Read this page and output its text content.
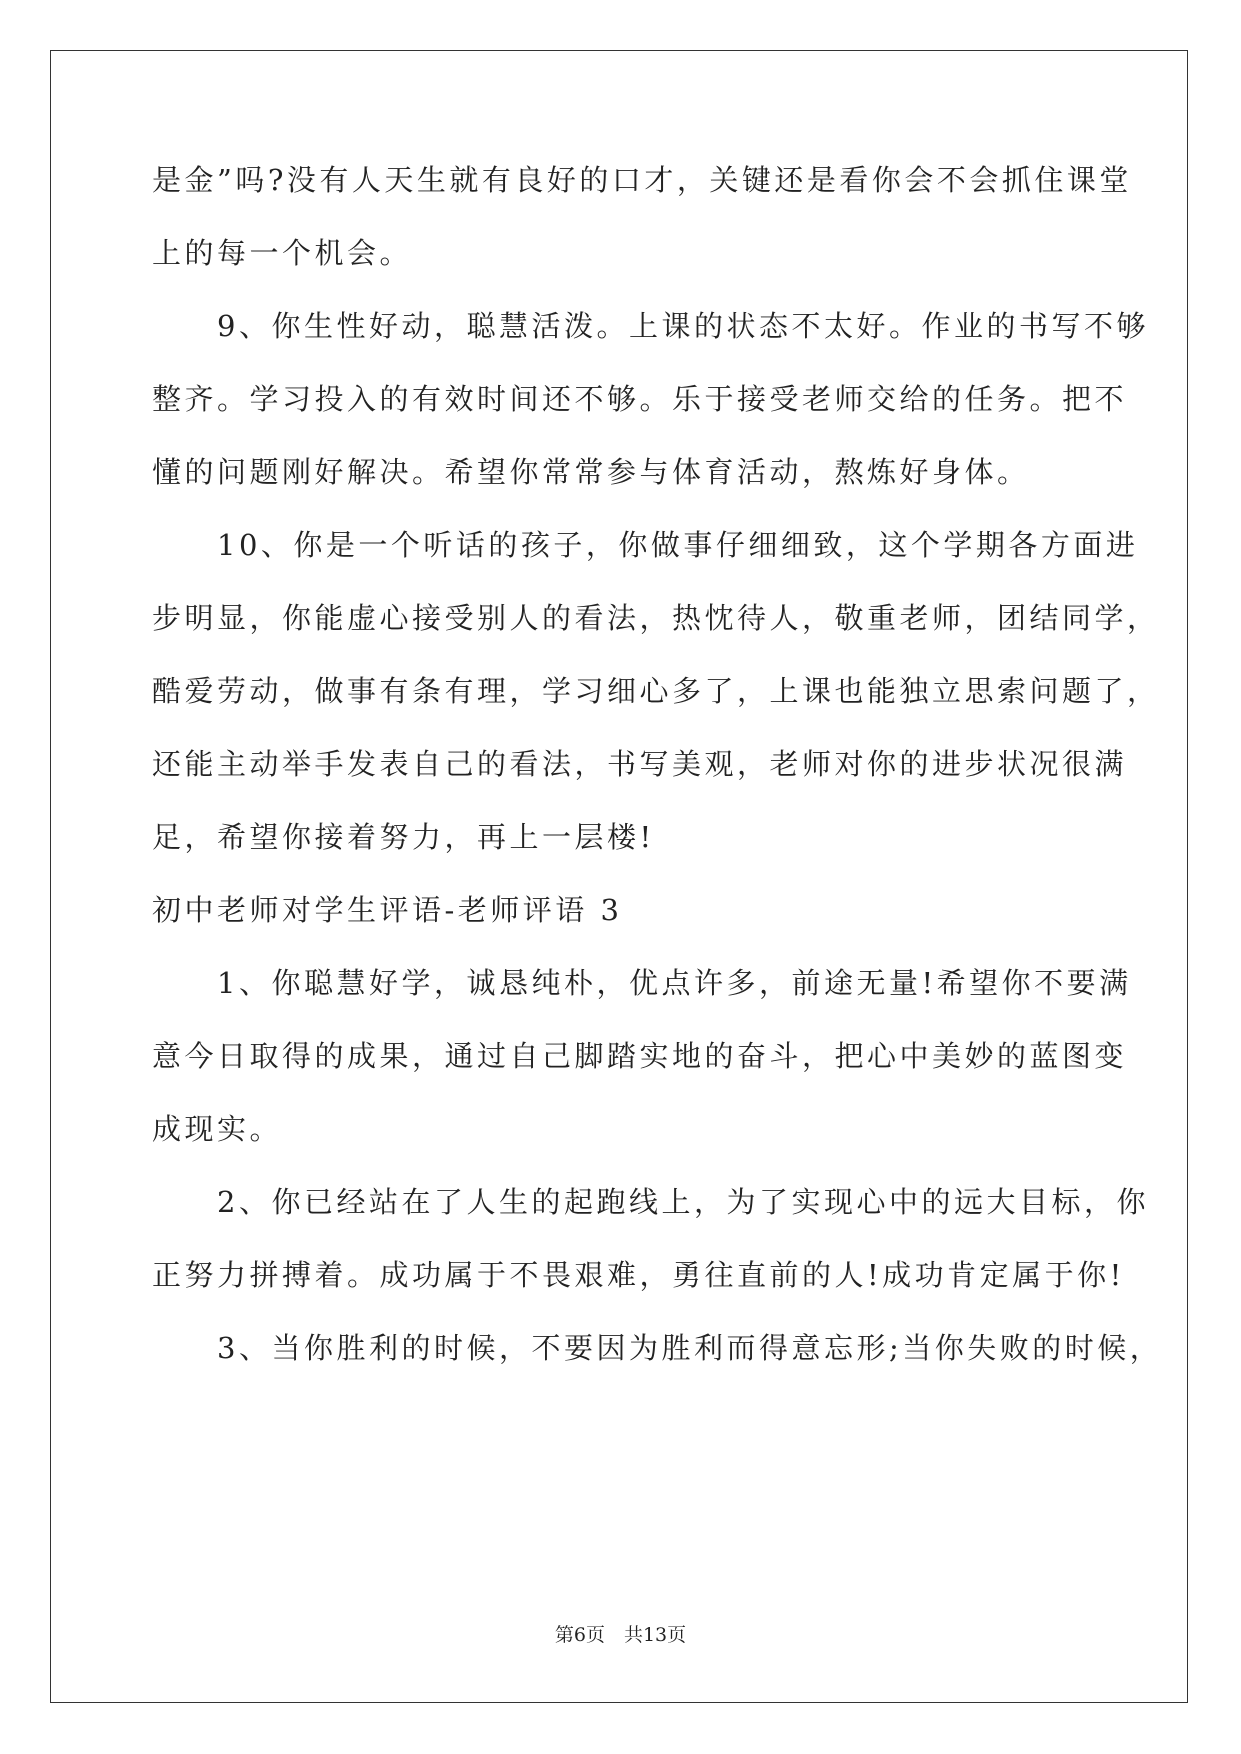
是金”吗?没有人天生就有良好的口才，关键还是看你会不会抓住课堂
上的每一个机会。
　　9、你生性好动，聪慧活泼。上课的状态不太好。作业的书写不够
整齐。学习投入的有效时间还不够。乐于接受老师交给的任务。把不
懂的问题刚好解决。希望你常常参与体育活动，熬炼好身体。
　　10、你是一个听话的孩子，你做事仔细细致，这个学期各方面进
步明显，你能虚心接受别人的看法，热忱待人，敬重老师，团结同学，
酷爱劳动，做事有条有理，学习细心多了，上课也能独立思索问题了，
还能主动举手发表自己的看法，书写美观，老师对你的进步状况很满
足，希望你接着努力，再上一层楼!
初中老师对学生评语-老师评语 3
　　1、你聪慧好学，诚恳纯朴，优点许多，前途无量!希望你不要满
意今日取得的成果，通过自己脚踏实地的奋斗，把心中美妙的蓝图变
成现实。
　　2、你已经站在了人生的起跑线上，为了实现心中的远大目标，你
正努力拼搏着。成功属于不畏艰难，勇往直前的人!成功肯定属于你!
　　3、当你胜利的时候，不要因为胜利而得意忘形;当你失败的时候，
第6页　共13页
